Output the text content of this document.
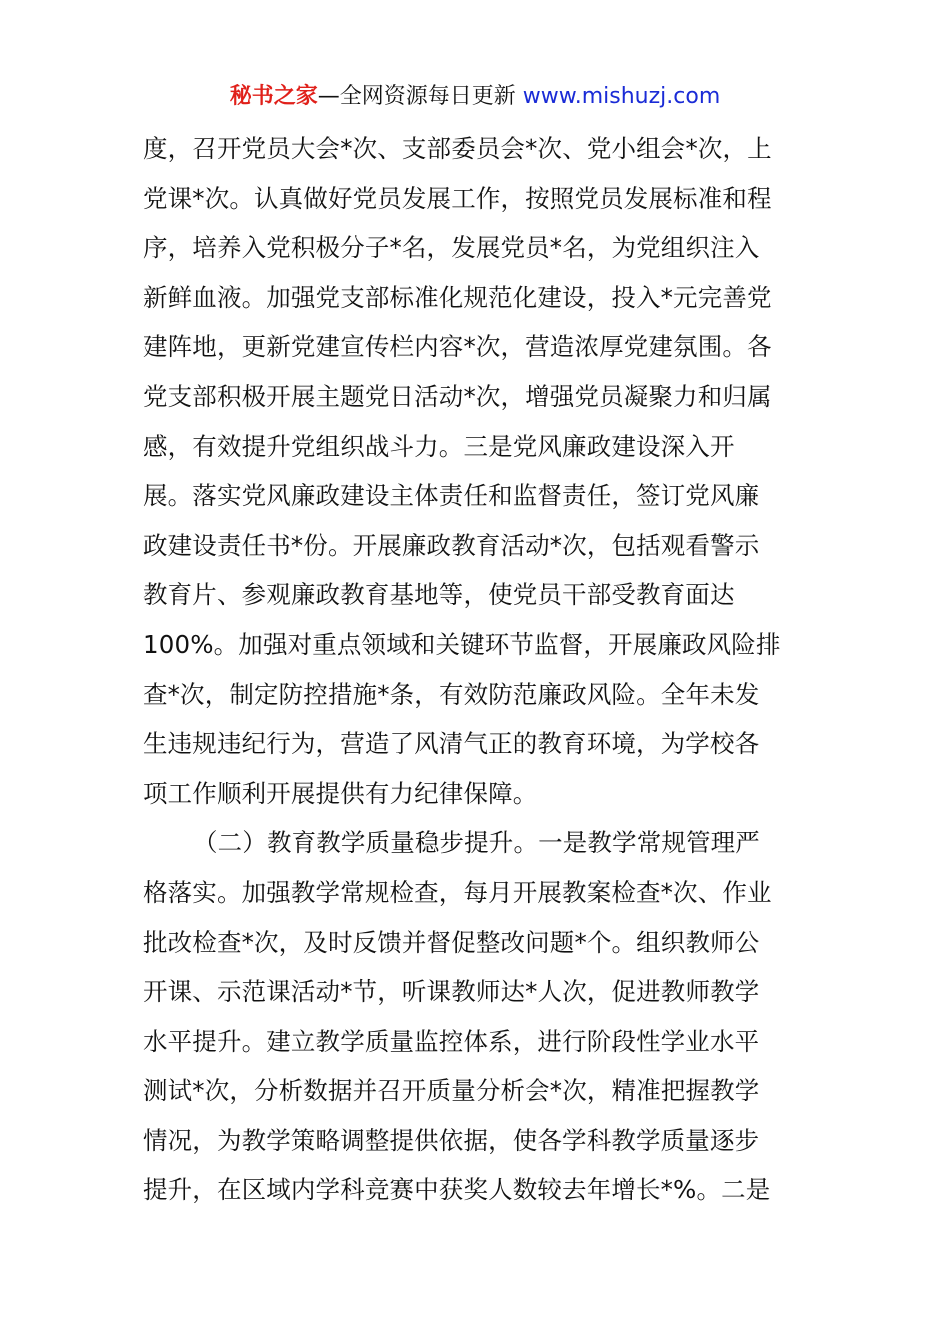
秘书之家—全网资源每日更新 www.mishuzj.com
度，召开党员大会*次、支部委员会*次、党小组会*次，上
党课*次。认真做好党员发展工作，按照党员发展标准和程
序，培养入党积极分子*名，发展党员*名，为党组织注入
新鲜血液。加强党支部标准化规范化建设，投入*元完善党
建阵地，更新党建宣传栏内容*次，营造浓厚党建氛围。各
党支部积极开展主题党日活动*次，增强党员凝聚力和归属
感，有效提升党组织战斗力。三是党风廉政建设深入开
展。落实党风廉政建设主体责任和监督责任，签订党风廉
政建设责任书*份。开展廉政教育活动*次，包括观看警示
教育片、参观廉政教育基地等，使党员干部受教育面达
100%。加强对重点领域和关键环节监督，开展廉政风险排
查*次，制定防控措施*条，有效防范廉政风险。全年未发
生违规违纪行为，营造了风清气正的教育环境，为学校各
项工作顺利开展提供有力纪律保障。
（二）教育教学质量稳步提升。一是教学常规管理严
格落实。加强教学常规检查，每月开展教案检查*次、作业
批改检查*次，及时反馈并督促整改问题*个。组织教师公
开课、示范课活动*节，听课教师达*人次，促进教师教学
水平提升。建立教学质量监控体系，进行阶段性学业水平
测试*次，分析数据并召开质量分析会*次，精准把握教学
情况，为教学策略调整提供依据，使各学科教学质量逐步
提升，在区域内学科竞赛中获奖人数较去年增长*%。二是
